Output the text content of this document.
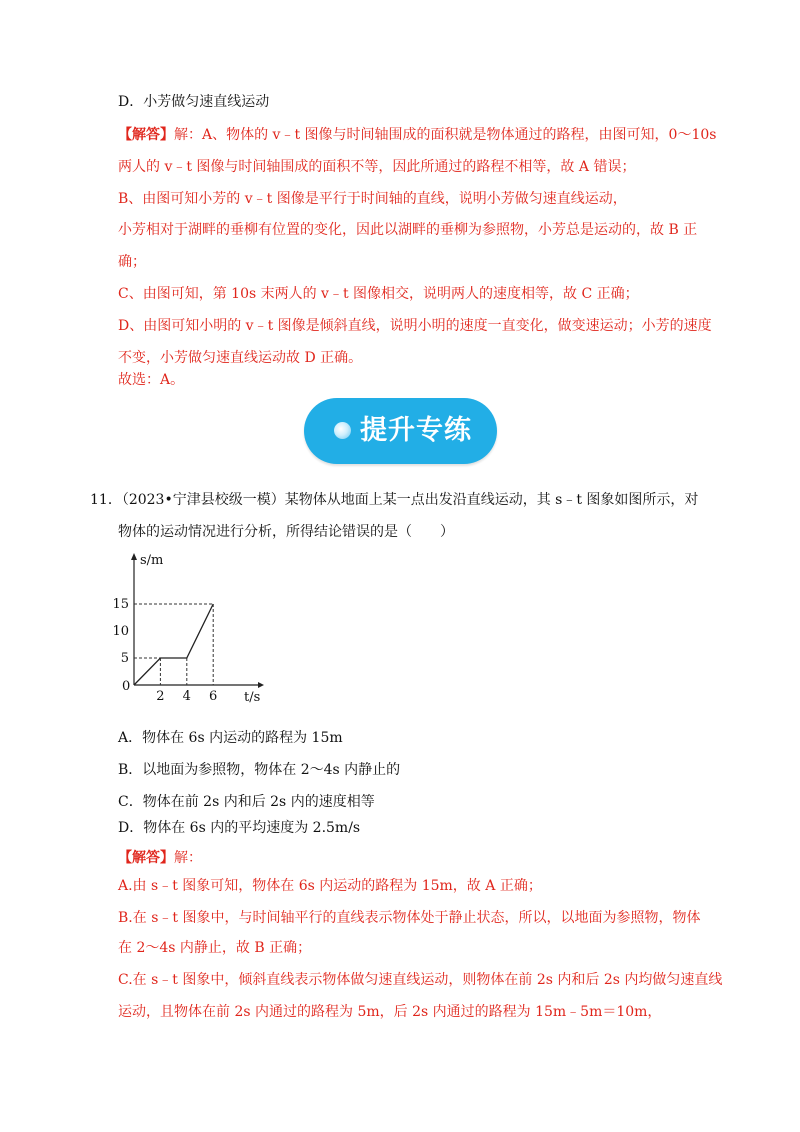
D．小芳做匀速直线运动
【解答】解：A、物体的 v﹣t 图像与时间轴围成的面积就是物体通过的路程，由图可知，0～10s
两人的 v﹣t 图像与时间轴围成的面积不等，因此所通过的路程不相等，故 A 错误；
B、由图可知小芳的 v﹣t 图像是平行于时间轴的直线，说明小芳做匀速直线运动，
小芳相对于湖畔的垂柳有位置的变化，因此以湖畔的垂柳为参照物，小芳总是运动的，故 B 正
确；
C、由图可知，第 10s 末两人的 v﹣t 图像相交，说明两人的速度相等，故 C 正确；
D、由图可知小明的 v﹣t 图像是倾斜直线，说明小明的速度一直变化，做变速运动；小芳的速度
不变，小芳做匀速直线运动故 D 正确。
故选：A。
提升专练
11．（2023•宁津县校级一模）某物体从地面上某一点出发沿直线运动，其 s﹣t 图象如图所示，对
物体的运动情况进行分析，所得结论错误的是（　　）
s/m
t/s
0
5
10
15
2 4 6
A．物体在 6s 内运动的路程为 15m
B．以地面为参照物，物体在 2～4s 内静止的
C．物体在前 2s 内和后 2s 内的速度相等
D．物体在 6s 内的平均速度为 2.5m/s
【解答】解：
A.由 s﹣t 图象可知，物体在 6s 内运动的路程为 15m，故 A 正确；
B.在 s﹣t 图象中，与时间轴平行的直线表示物体处于静止状态，所以，以地面为参照物，物体
在 2～4s 内静止，故 B 正确；
C.在 s﹣t 图象中，倾斜直线表示物体做匀速直线运动，则物体在前 2s 内和后 2s 内均做匀速直线
运动，且物体在前 2s 内通过的路程为 5m，后 2s 内通过的路程为 15m﹣5m＝10m，
